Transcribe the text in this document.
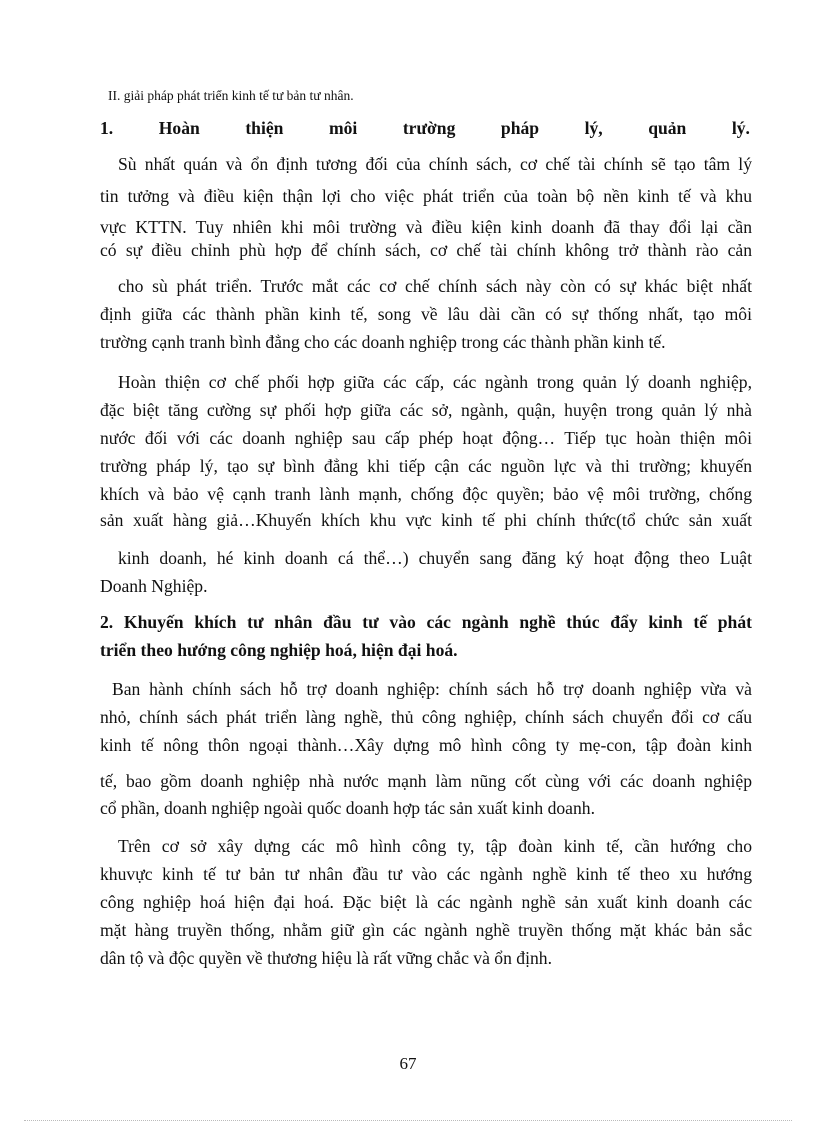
II. giải pháp phát triển kinh tế tư bản tư nhân.
1.	Hoàn	thiện	môi	trường	pháp	lý,	quản	lý.
Sù nhất quán và ổn định tương đối của chính sách, cơ chế tài chính sẽ tạo tâm lý
tin tưởng và điều kiện thận lợi cho việc phát triển của toàn bộ nền kinh tế và khu
vực KTTN. Tuy nhiên khi môi trường và điều kiện kinh doanh đã thay đổi lại cần
có sự điều chỉnh phù hợp để chính sách, cơ chế tài chính không trở thành rào cản
cho sù phát triển. Trước mắt các cơ chế chính sách này còn có sự khác biệt nhất
định giữa các thành phần kinh tế, song về lâu dài cần có sự thống nhất, tạo môi
trường cạnh tranh bình đẳng cho các doanh nghiệp trong các thành phần kinh tế.
Hoàn thiện cơ chế phối hợp giữa các cấp, các ngành trong quản lý doanh nghiệp,
đặc biệt tăng cường sự phối hợp giữa các sở, ngành, quận, huyện trong quản lý nhà
nước đối với các doanh nghiệp sau cấp phép hoạt động… Tiếp tục hoàn thiện môi
trường pháp lý, tạo sự bình đẳng khi tiếp cận các nguồn lực và thi trường; khuyến
khích và bảo vệ cạnh tranh lành mạnh, chống độc quyền; bảo vệ môi trường, chống
sản xuất hàng giả…Khuyến khích khu vực kinh tế phi chính thức(tổ chức sản xuất
kinh doanh, hé kinh doanh cá thể…) chuyển sang đăng ký hoạt động theo Luật
Doanh Nghiệp.
2. Khuyến khích tư nhân đầu tư vào các ngành nghề thúc đẩy kinh tế phát
triển theo hướng công nghiệp hoá, hiện đại hoá.
Ban hành chính sách hỗ trợ doanh nghiệp: chính sách hỗ trợ doanh nghiệp vừa và
nhỏ, chính sách phát triển làng nghề, thủ công nghiệp, chính sách chuyển đổi cơ cấu
kinh tế nông thôn ngoại thành…Xây dựng mô hình công ty mẹ-con, tập đoàn kinh
tế, bao gồm doanh nghiệp nhà nước mạnh làm nũng cốt cùng với các doanh nghiệp
cổ phần, doanh nghiệp ngoài quốc doanh hợp tác sản xuất kinh doanh.
Trên cơ sở xây dựng các mô hình công ty, tập đoàn kinh tế, cần hướng cho
khuvực kinh tế tư bản tư nhân đầu tư vào các ngành nghề kinh tế theo xu hướng
công nghiệp hoá hiện đại hoá. Đặc biệt là các ngành nghề sản xuất kinh doanh các
mặt hàng truyền thống, nhằm giữ gìn các ngành nghề truyền thống mặt khác bản sắc
dân tộ và độc quyền về thương hiệu là rất vững chắc và ổn định.
67
